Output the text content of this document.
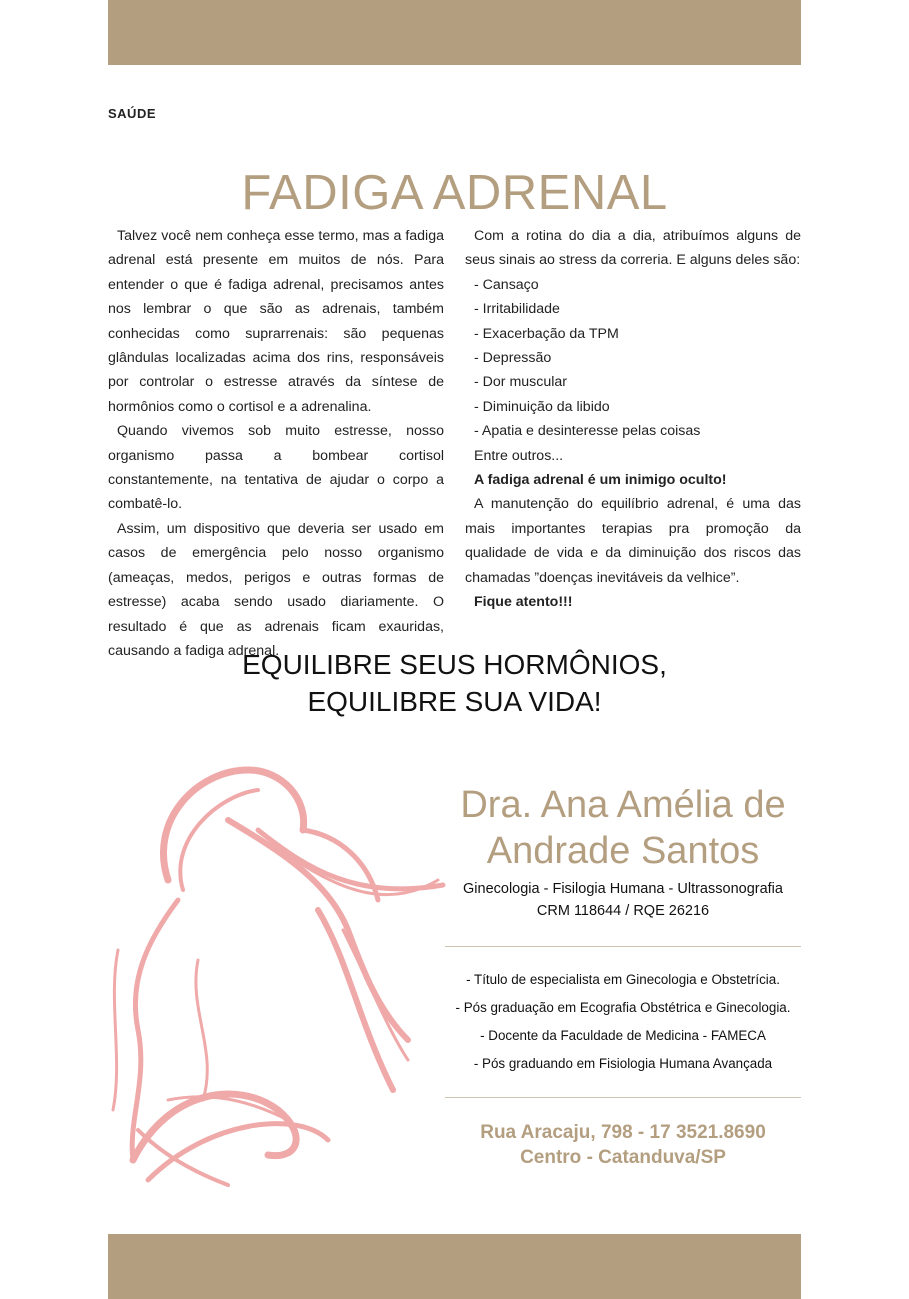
SAÚDE
FADIGA ADRENAL

Talvez você nem conheça esse termo, mas a fadiga adrenal está presente em muitos de nós. Para entender o que é fadiga adrenal, precisamos antes nos lembrar o que são as adrenais, também conhecidas como suprarrenais: são pequenas glândulas localizadas acima dos rins, responsáveis por controlar o estresse através da síntese de hormônios como o cortisol e a adrenalina.

Quando vivemos sob muito estresse, nosso organismo passa a bombear cortisol constantemente, na tentativa de ajudar o corpo a combatê-lo.

Assim, um dispositivo que deveria ser usado em casos de emergência pelo nosso organismo (ameaças, medos, perigos e outras formas de estresse) acaba sendo usado diariamente. O resultado é que as adrenais ficam exauridas, causando a fadiga adrenal.

Com a rotina do dia a dia, atribuímos alguns de seus sinais ao stress da correria. E alguns deles são:

- Cansaço

- Irritabilidade

- Exacerbação da TPM

- Depressão

- Dor muscular

- Diminuição da libido

- Apatia e desinteresse pelas coisas

Entre outros...

A fadiga adrenal é um inimigo oculto!

A manutenção do equilíbrio adrenal, é uma das mais importantes terapias pra promoção da qualidade de vida e da diminuição dos riscos das chamadas ”doenças inevitáveis da velhice”.

Fique atento!!!

EQUILIBRE SEUS HORMÔNIOS,
EQUILIBRE SUA VIDA!
Dra. Ana Amélia de
Andrade Santos
Ginecologia - Fisilogia Humana - Ultrassonografia
CRM 118644 / RQE 26216
- Título de especialista em Ginecologia e Obstetrícia.
- Pós graduação em Ecografia Obstétrica e Ginecologia.
- Docente da Faculdade de Medicina - FAMECA
- Pós graduando em Fisiologia Humana Avançada
Rua Aracaju, 798 - 17 3521.8690
Centro - Catanduva/SP
